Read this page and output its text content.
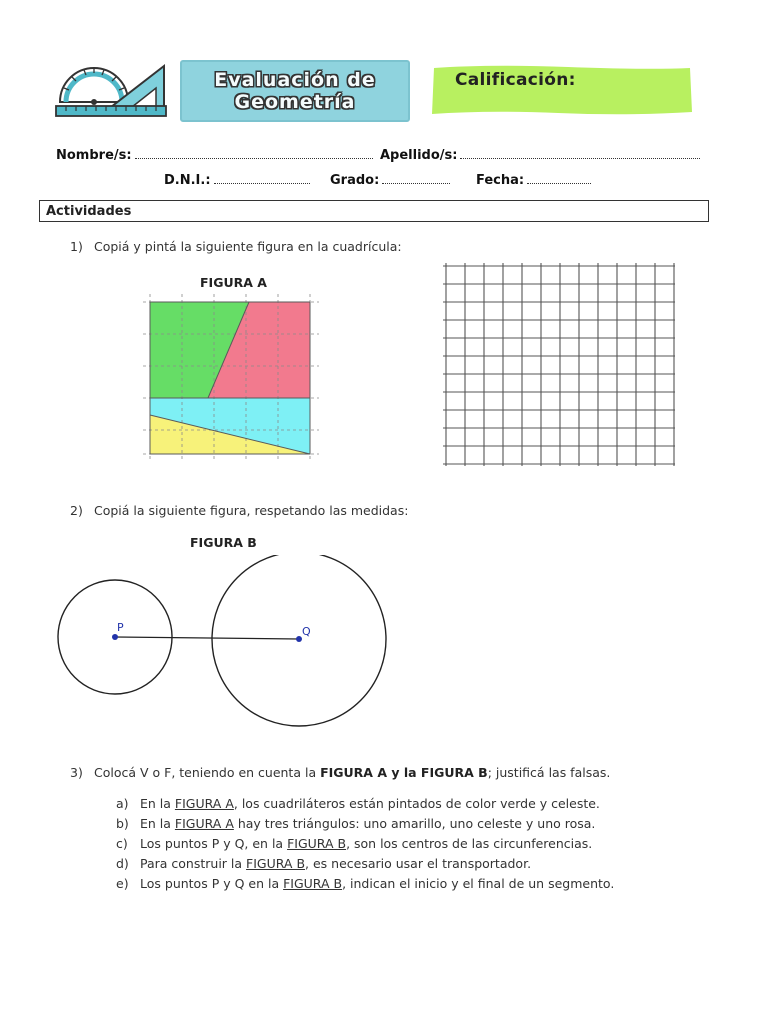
Evaluación de
Geometría
Calificación:
Nombre/s:	Apellido/s:
D.N.I.:	Grado:	Fecha:
Actividades
1) Copiá y pintá la siguiente figura en la cuadrícula:
FIGURA A
2) Copiá la siguiente figura, respetando las medidas:
FIGURA B
P	Q
3) Colocá V o F, teniendo en cuenta la FIGURA A y la FIGURA B; justificá las falsas.
a) En la FIGURA A, los cuadriláteros están pintados de color verde y celeste.
b) En la FIGURA A hay tres triángulos: uno amarillo, uno celeste y uno rosa.
c) Los puntos P y Q, en la FIGURA B, son los centros de las circunferencias.
d) Para construir la FIGURA B, es necesario usar el transportador.
e) Los puntos P y Q en la FIGURA B, indican el inicio y el final de un segmento.
